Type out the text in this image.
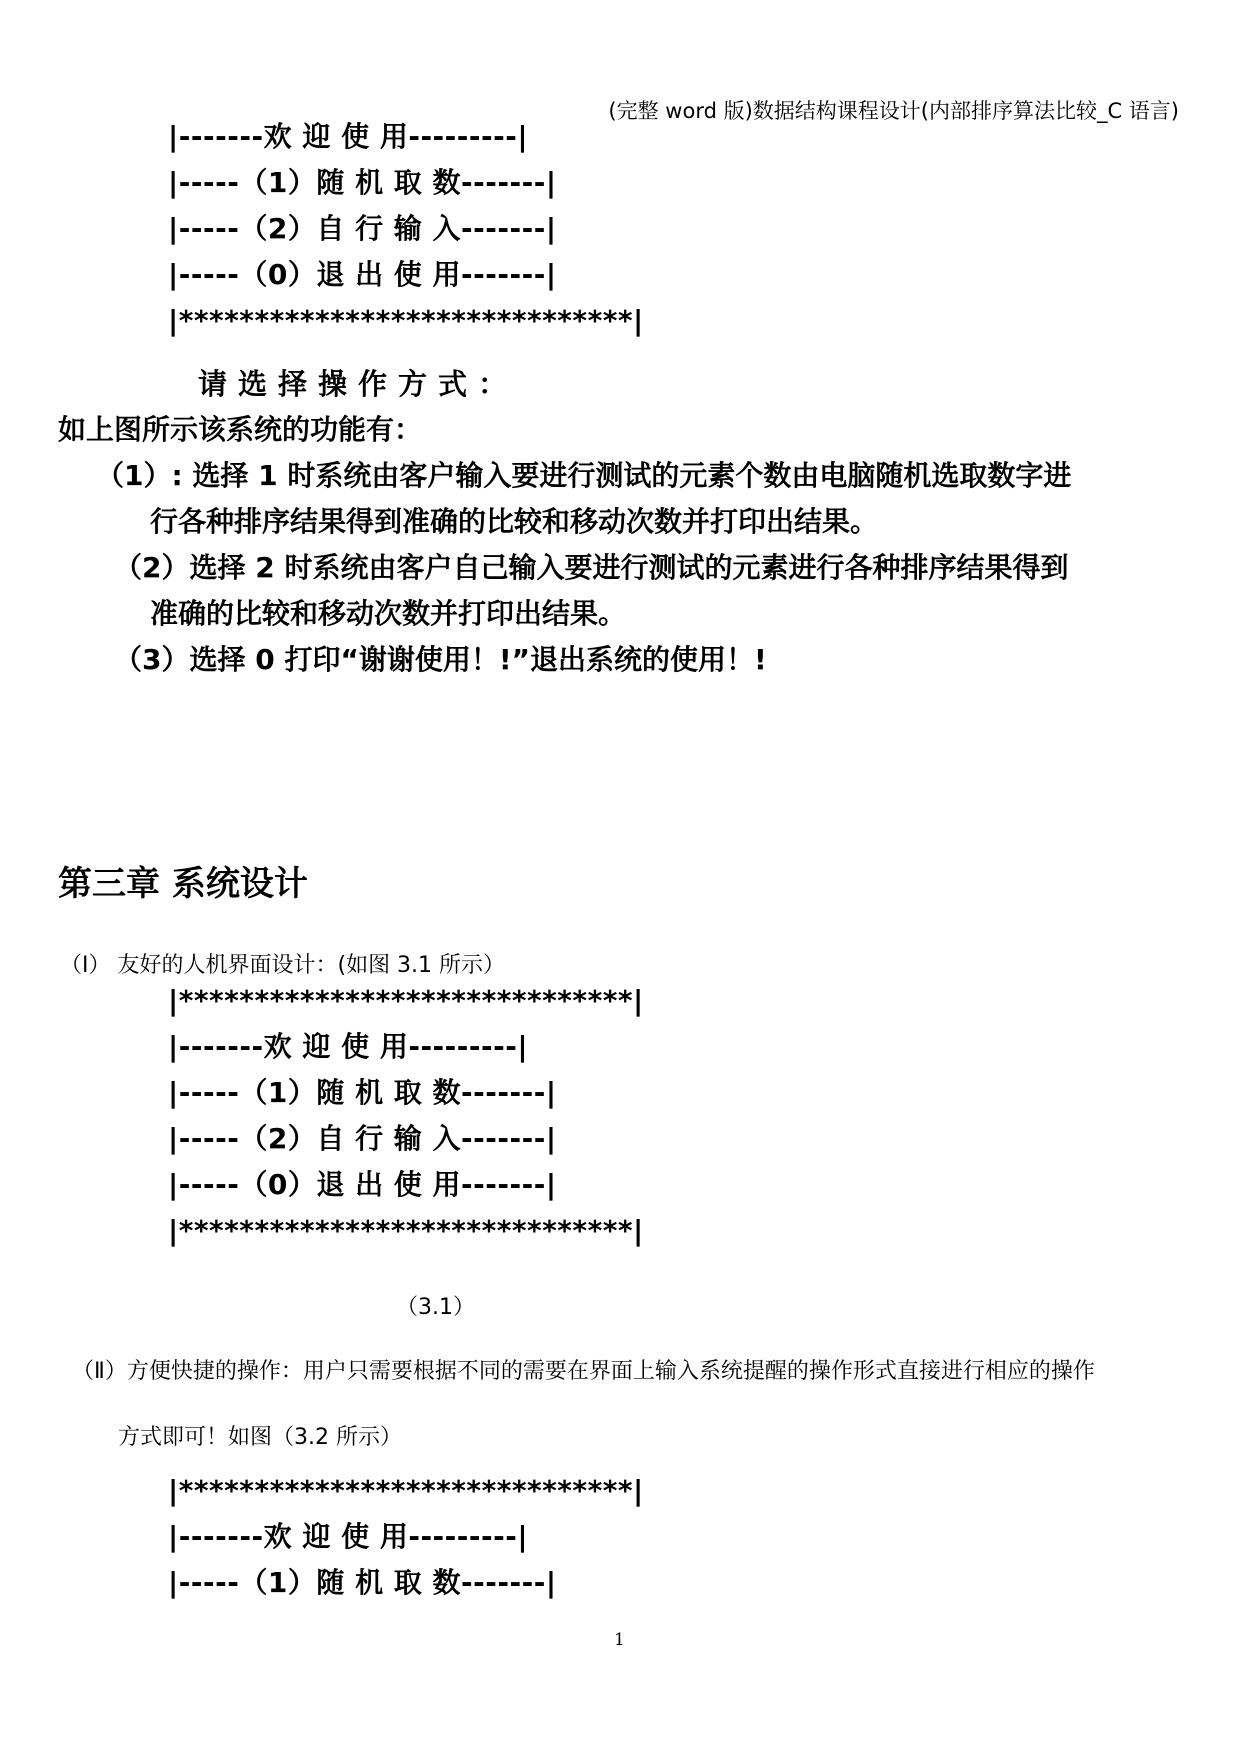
(完整 word 版)数据结构课程设计(内部排序算法比较_C 语言)
|-------欢 迎 使 用---------|
|-----（1）随 机 取 数-------|
|-----（2）自 行 输 入-------|
|-----（0）退 出 使 用-------|
|******************************|
请选择操作方式：
如上图所示该系统的功能有：
（1）: 选择 1 时系统由客户输入要进行测试的元素个数由电脑随机选取数字进
行各种排序结果得到准确的比较和移动次数并打印出结果。
（2）选择 2 时系统由客户自己输入要进行测试的元素进行各种排序结果得到
准确的比较和移动次数并打印出结果。
（3）选择 0 打印“谢谢使用！!”退出系统的使用！!
第三章 系统设计
（Ⅰ） 友好的人机界面设计：(如图 3.1 所示）
|******************************|
|-------欢 迎 使 用---------|
|-----（1）随 机 取 数-------|
|-----（2）自 行 输 入-------|
|-----（0）退 出 使 用-------|
|******************************|
（3.1）
（Ⅱ）方便快捷的操作：用户只需要根据不同的需要在界面上输入系统提醒的操作形式直接进行相应的操作
方式即可！如图（3.2 所示）
|******************************|
|-------欢 迎 使 用---------|
|-----（1）随 机 取 数-------|
1
